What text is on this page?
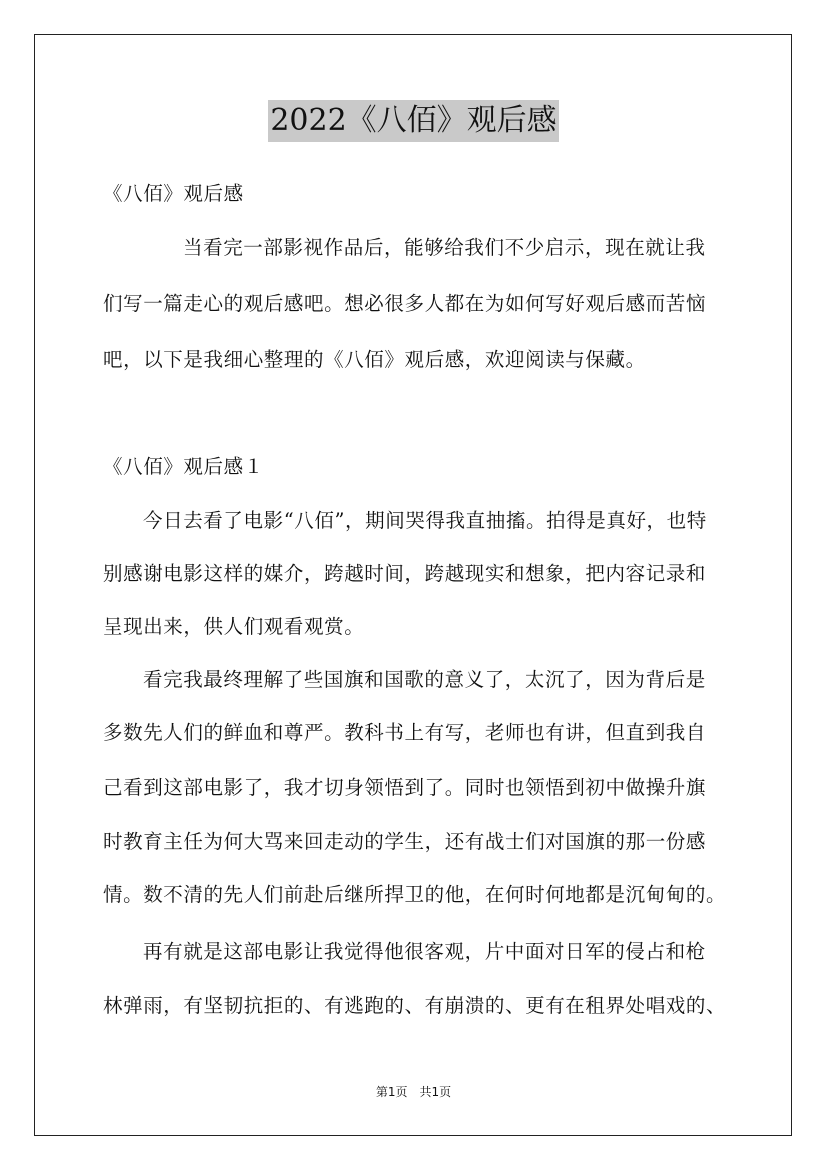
2022《八佰》观后感
《八佰》观后感
当看完一部影视作品后，能够给我们不少启示，现在就让我
们写一篇走心的观后感吧。想必很多人都在为如何写好观后感而苦恼
吧，以下是我细心整理的《八佰》观后感，欢迎阅读与保藏。
《八佰》观后感１
今日去看了电影“八佰”，期间哭得我直抽搐。拍得是真好，也特
别感谢电影这样的媒介，跨越时间，跨越现实和想象，把内容记录和
呈现出来，供人们观看观赏。
看完我最终理解了些国旗和国歌的意义了，太沉了，因为背后是
多数先人们的鲜血和尊严。教科书上有写，老师也有讲，但直到我自
己看到这部电影了，我才切身领悟到了。同时也领悟到初中做操升旗
时教育主任为何大骂来回走动的学生，还有战士们对国旗的那一份感
情。数不清的先人们前赴后继所捍卫的他，在何时何地都是沉甸甸的。
再有就是这部电影让我觉得他很客观，片中面对日军的侵占和枪
林弹雨，有坚韧抗拒的、有逃跑的、有崩溃的、更有在租界处唱戏的、
第1页　共1页
